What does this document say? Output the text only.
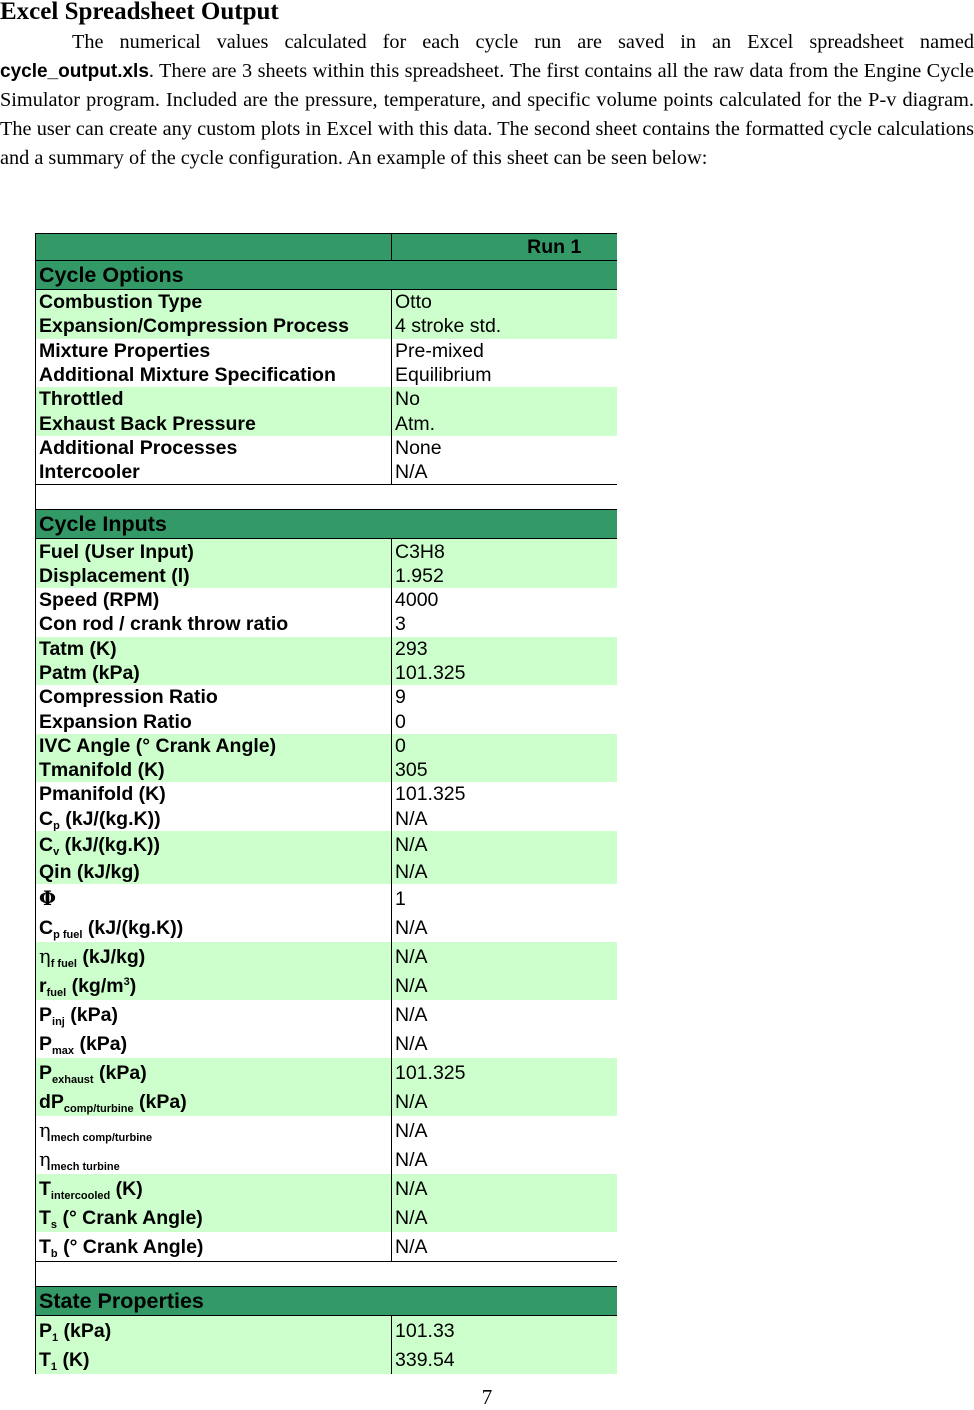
Excel Spreadsheet Output
The numerical values calculated for each cycle run are saved in an Excel spreadsheet named cycle_output.xls. There are 3 sheets within this spreadsheet. The first contains all the raw data from the Engine Cycle Simulator program. Included are the pressure, temperature, and specific volume points calculated for the P-v diagram. The user can create any custom plots in Excel with this data. The second sheet contains the formatted cycle calculations and a summary of the cycle configuration. An example of this sheet can be seen below:
	Run 1
Cycle Options	
Combustion Type	Otto
Expansion/Compression Process	4 stroke std.
Mixture Properties	Pre-mixed
Additional Mixture Specification	Equilibrium
Throttled	No
Exhaust Back Pressure	Atm.
Additional Processes	None
Intercooler	N/A

Cycle Inputs	
Fuel (User Input)	C3H8
Displacement (l)	1.952
Speed (RPM)	4000
Con rod / crank throw ratio	3
Tatm (K)	293
Patm (kPa)	101.325
Compression Ratio	9
Expansion Ratio	0
IVC Angle (° Crank Angle)	0
Tmanifold (K)	305
Pmanifold (K)	101.325
$C_p$ (kJ/(kg.K))	N/A
$C_v$ (kJ/(kg.K))	N/A
Qin (kJ/kg)	N/A
Φ	1
$C_{p fuel}$ (kJ/(kg.K))	N/A
$\eta_{f fuel}$ (kJ/kg)	N/A
$r_{fuel}$ $(kg/m^3)$	N/A
$P_{inj}$ (kPa)	N/A
$P_{max}$ (kPa)	N/A
$P_{exhaust}$ (kPa)	101.325
$dP_{comp/turbine}$ (kPa)	N/A
$\eta_{mech comp/turbine}$	N/A
$\eta_{mech turbine}$	N/A
$T_{intercooled}$ (K)	N/A
$T_s$ (° Crank Angle)	N/A
$T_b$ (° Crank Angle)	N/A

State Properties	
$P_1$ (kPa)	101.33
$T_1$ (K)	339.54
7
